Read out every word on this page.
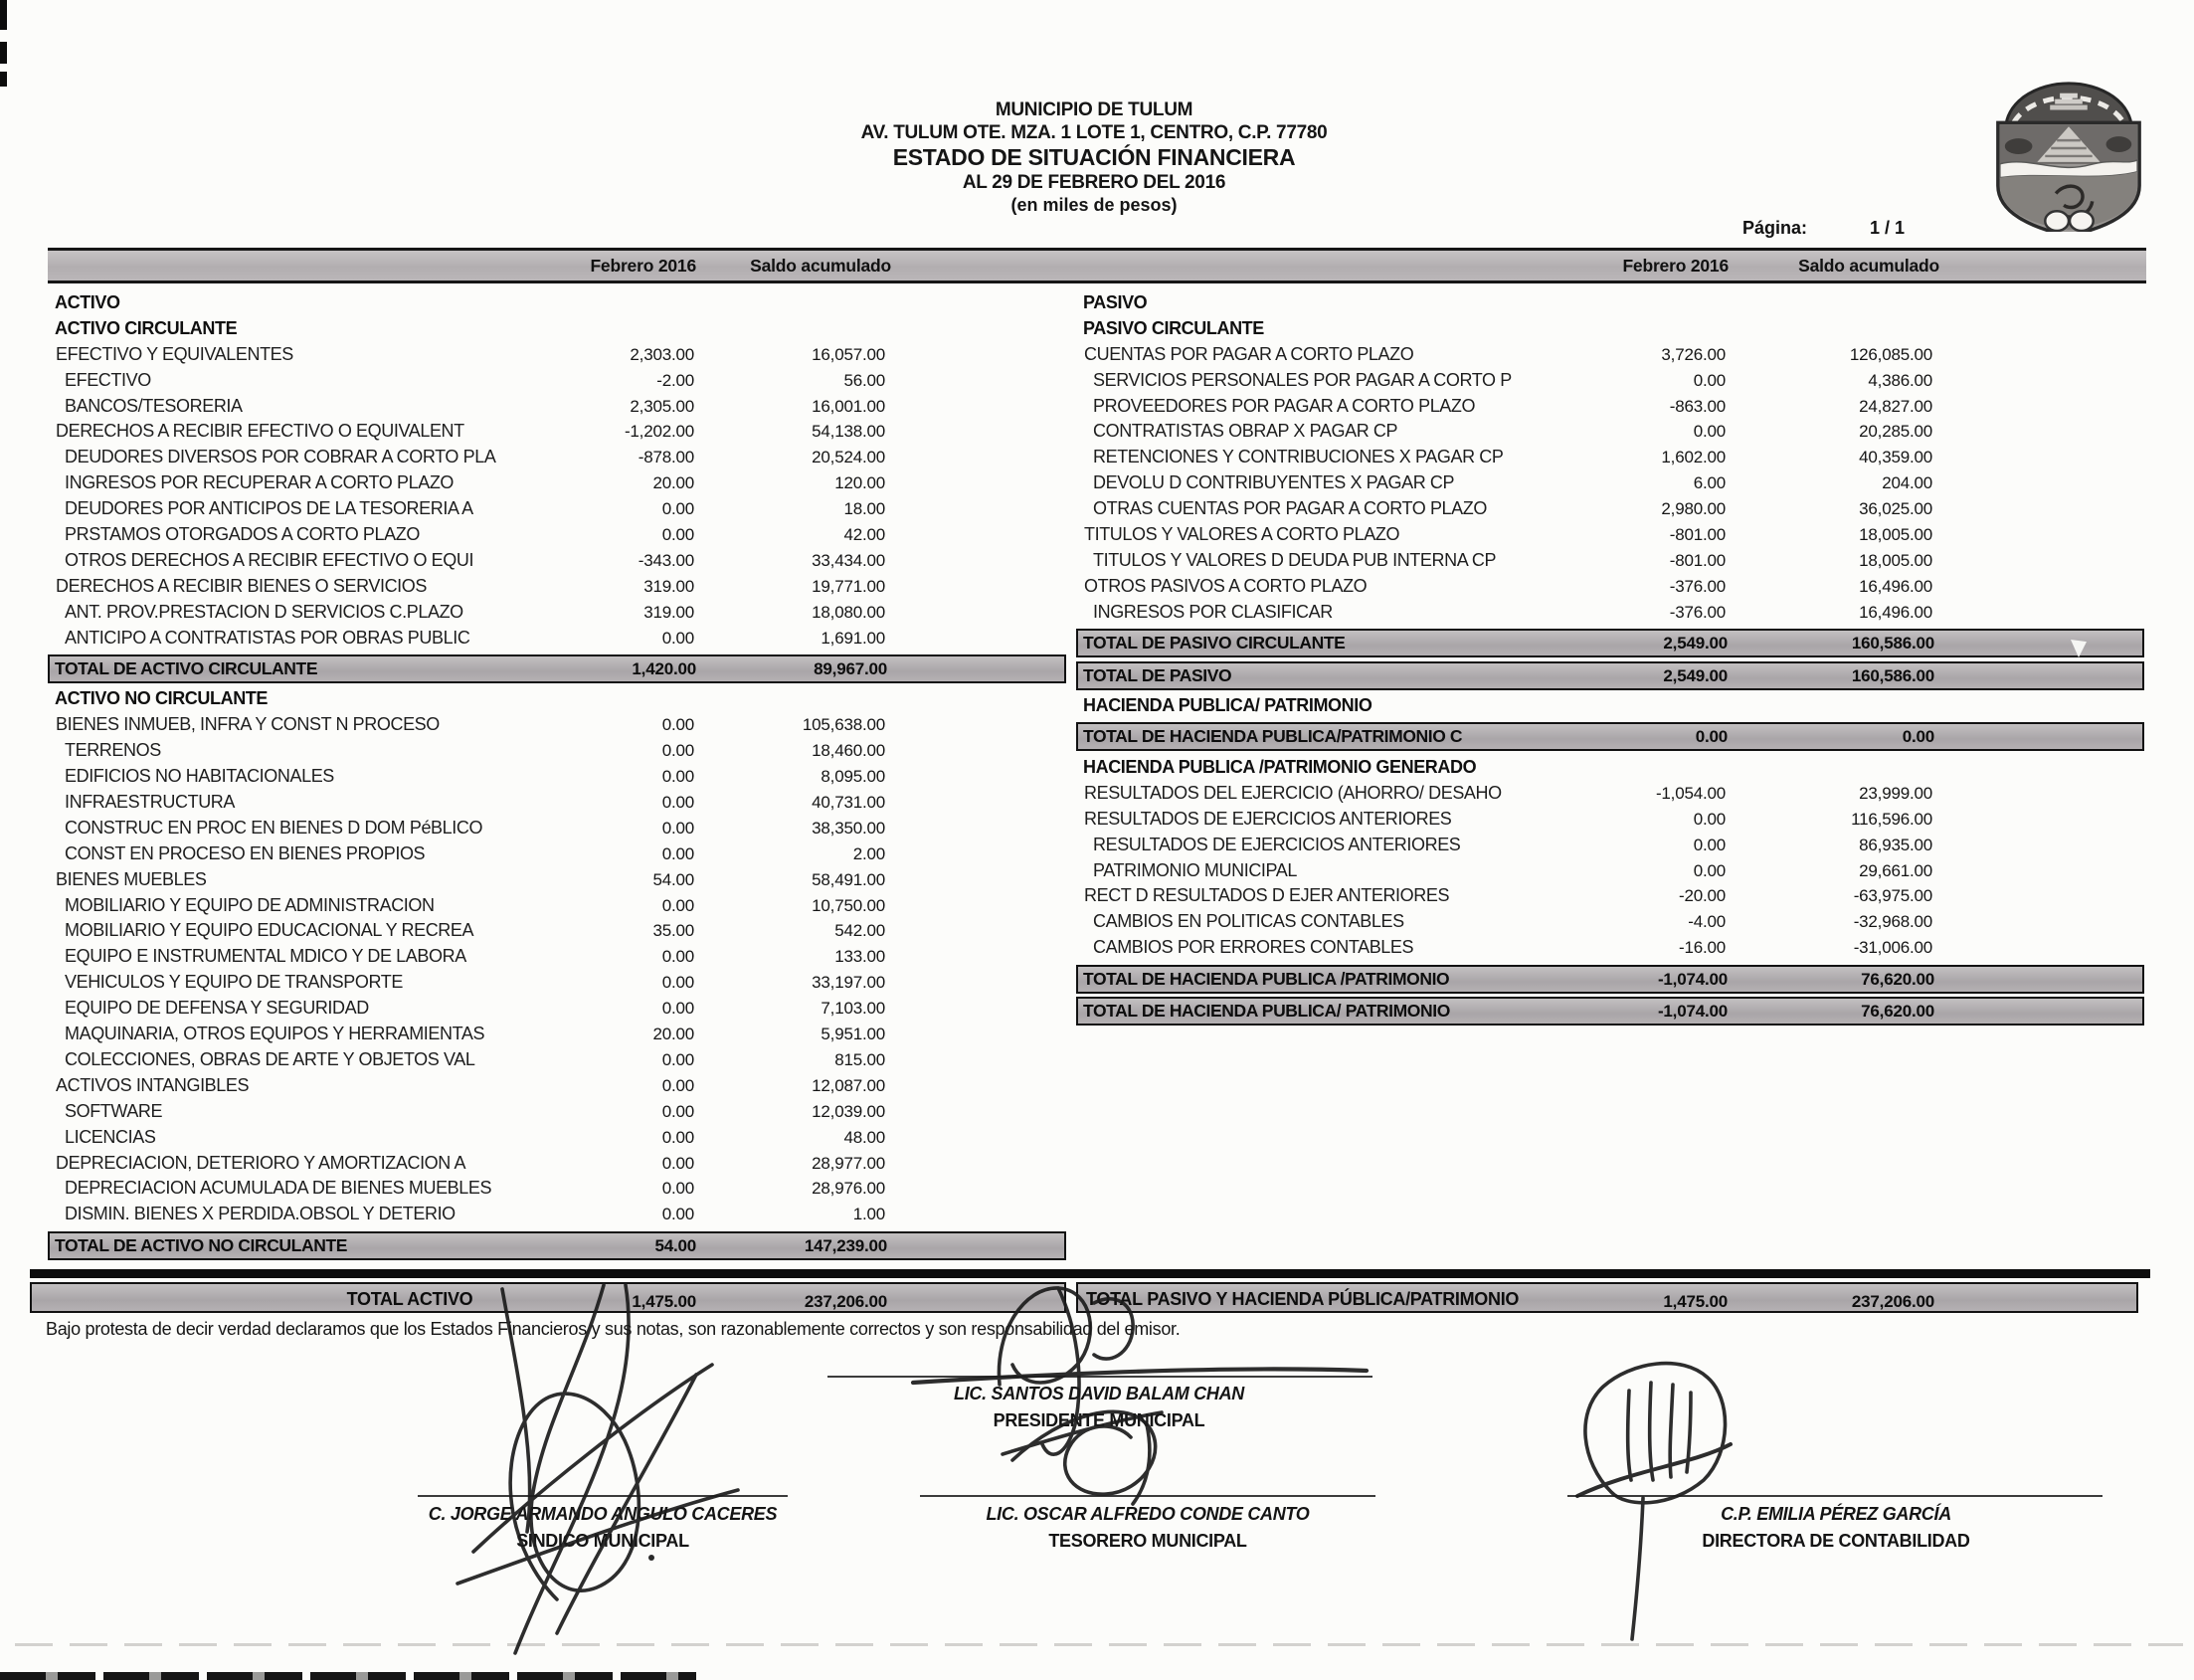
MUNICIPIO DE TULUM
AV. TULUM OTE. MZA. 1 LOTE 1, CENTRO, C.P. 77780
ESTADO DE SITUACIÓN FINANCIERA
AL 29 DE FEBRERO DEL 2016
(en miles de pesos)
Página:	1 / 1
Febrero 2016	Saldo acumulado	Febrero 2016	Saldo acumulado
ACTIVO
ACTIVO CIRCULANTE
EFECTIVO Y EQUIVALENTES	2,303.00	16,057.00
EFECTIVO	-2.00	56.00
BANCOS/TESORERIA	2,305.00	16,001.00
DERECHOS A RECIBIR EFECTIVO O EQUIVALENT	-1,202.00	54,138.00
DEUDORES DIVERSOS POR COBRAR A CORTO PLA	-878.00	20,524.00
INGRESOS POR RECUPERAR A CORTO PLAZO	20.00	120.00
DEUDORES POR ANTICIPOS DE LA TESORERIA A	0.00	18.00
PRSTAMOS OTORGADOS A CORTO PLAZO	0.00	42.00
OTROS DERECHOS A RECIBIR EFECTIVO O EQUI	-343.00	33,434.00
DERECHOS A RECIBIR BIENES O SERVICIOS	319.00	19,771.00
ANT. PROV.PRESTACION D SERVICIOS C.PLAZO	319.00	18,080.00
ANTICIPO A CONTRATISTAS POR OBRAS PUBLIC	0.00	1,691.00
TOTAL DE ACTIVO CIRCULANTE	1,420.00	89,967.00
ACTIVO NO CIRCULANTE
BIENES INMUEB, INFRA Y CONST N PROCESO	0.00	105,638.00
TERRENOS	0.00	18,460.00
EDIFICIOS NO HABITACIONALES	0.00	8,095.00
INFRAESTRUCTURA	0.00	40,731.00
CONSTRUC EN PROC EN BIENES D DOM PéBLICO	0.00	38,350.00
CONST EN PROCESO EN BIENES PROPIOS	0.00	2.00
BIENES MUEBLES	54.00	58,491.00
MOBILIARIO Y EQUIPO DE ADMINISTRACION	0.00	10,750.00
MOBILIARIO Y EQUIPO EDUCACIONAL Y RECREA	35.00	542.00
EQUIPO E INSTRUMENTAL MDICO Y DE LABORA	0.00	133.00
VEHICULOS Y EQUIPO DE TRANSPORTE	0.00	33,197.00
EQUIPO DE DEFENSA Y SEGURIDAD	0.00	7,103.00
MAQUINARIA, OTROS EQUIPOS Y HERRAMIENTAS	20.00	5,951.00
COLECCIONES, OBRAS DE ARTE Y OBJETOS VAL	0.00	815.00
ACTIVOS INTANGIBLES	0.00	12,087.00
SOFTWARE	0.00	12,039.00
LICENCIAS	0.00	48.00
DEPRECIACION, DETERIORO Y AMORTIZACION A	0.00	28,977.00
DEPRECIACION ACUMULADA DE BIENES MUEBLES	0.00	28,976.00
DISMIN. BIENES X PERDIDA.OBSOL Y DETERIO	0.00	1.00
TOTAL DE ACTIVO NO CIRCULANTE	54.00	147,239.00
PASIVO
PASIVO CIRCULANTE
CUENTAS POR PAGAR A CORTO PLAZO	3,726.00	126,085.00
SERVICIOS PERSONALES POR PAGAR A CORTO P	0.00	4,386.00
PROVEEDORES POR PAGAR A CORTO PLAZO	-863.00	24,827.00
CONTRATISTAS OBRAP X PAGAR CP	0.00	20,285.00
RETENCIONES Y CONTRIBUCIONES X PAGAR CP	1,602.00	40,359.00
DEVOLU D CONTRIBUYENTES X PAGAR CP	6.00	204.00
OTRAS CUENTAS POR PAGAR A CORTO PLAZO	2,980.00	36,025.00
TITULOS Y VALORES A CORTO PLAZO	-801.00	18,005.00
TITULOS Y VALORES D DEUDA PUB INTERNA CP	-801.00	18,005.00
OTROS PASIVOS A CORTO PLAZO	-376.00	16,496.00
INGRESOS POR CLASIFICAR	-376.00	16,496.00
TOTAL DE PASIVO CIRCULANTE	2,549.00	160,586.00
TOTAL DE PASIVO	2,549.00	160,586.00
HACIENDA PUBLICA/ PATRIMONIO
TOTAL DE HACIENDA PUBLICA/PATRIMONIO C	0.00	0.00
HACIENDA PUBLICA /PATRIMONIO GENERADO
RESULTADOS DEL EJERCICIO (AHORRO/ DESAHO	-1,054.00	23,999.00
RESULTADOS DE EJERCICIOS ANTERIORES	0.00	116,596.00
RESULTADOS DE EJERCICIOS ANTERIORES	0.00	86,935.00
PATRIMONIO MUNICIPAL	0.00	29,661.00
RECT D RESULTADOS D EJER ANTERIORES	-20.00	-63,975.00
CAMBIOS EN POLITICAS CONTABLES	-4.00	-32,968.00
CAMBIOS POR ERRORES CONTABLES	-16.00	-31,006.00
TOTAL DE HACIENDA PUBLICA /PATRIMONIO	-1,074.00	76,620.00
TOTAL DE HACIENDA PUBLICA/ PATRIMONIO	-1,074.00	76,620.00
TOTAL ACTIVO	1,475.00	237,206.00	TOTAL PASIVO Y HACIENDA PÚBLICA/PATRIMONIO	1,475.00	237,206.00
Bajo protesta de decir verdad declaramos que los Estados Financieros y sus notas, son razonablemente correctos y son responsabilidad del emisor.
LIC. SANTOS DAVID BALAM CHAN
PRESIDENTE MUNICIPAL
C. JORGE ARMANDO ANGULO CACERES
SINDICO MUNICIPAL
LIC. OSCAR ALFREDO CONDE CANTO
TESORERO MUNICIPAL
C.P. EMILIA PÉREZ GARCÍA
DIRECTORA DE CONTABILIDAD
